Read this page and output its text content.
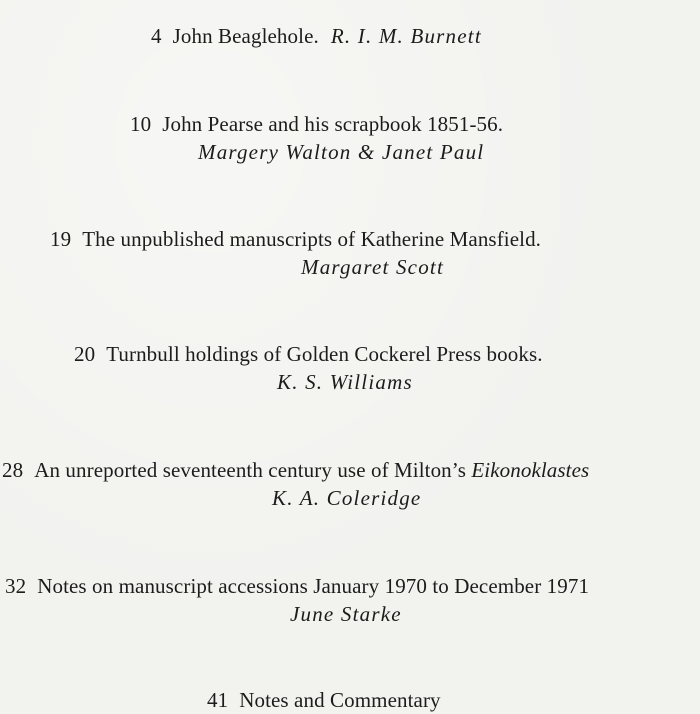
4 John Beaglehole. R. I. M. Burnett
10 John Pearse and his scrapbook 1851-56.
Margery Walton & Janet Paul
19 The unpublished manuscripts of Katherine Mansfield.
Margaret Scott
20 Turnbull holdings of Golden Cockerel Press books.
K. S. Williams
28 An unreported seventeenth century use of Milton’s Eikonoklastes
K. A. Coleridge
32 Notes on manuscript accessions January 1970 to December 1971
June Starke
41 Notes and Commentary
